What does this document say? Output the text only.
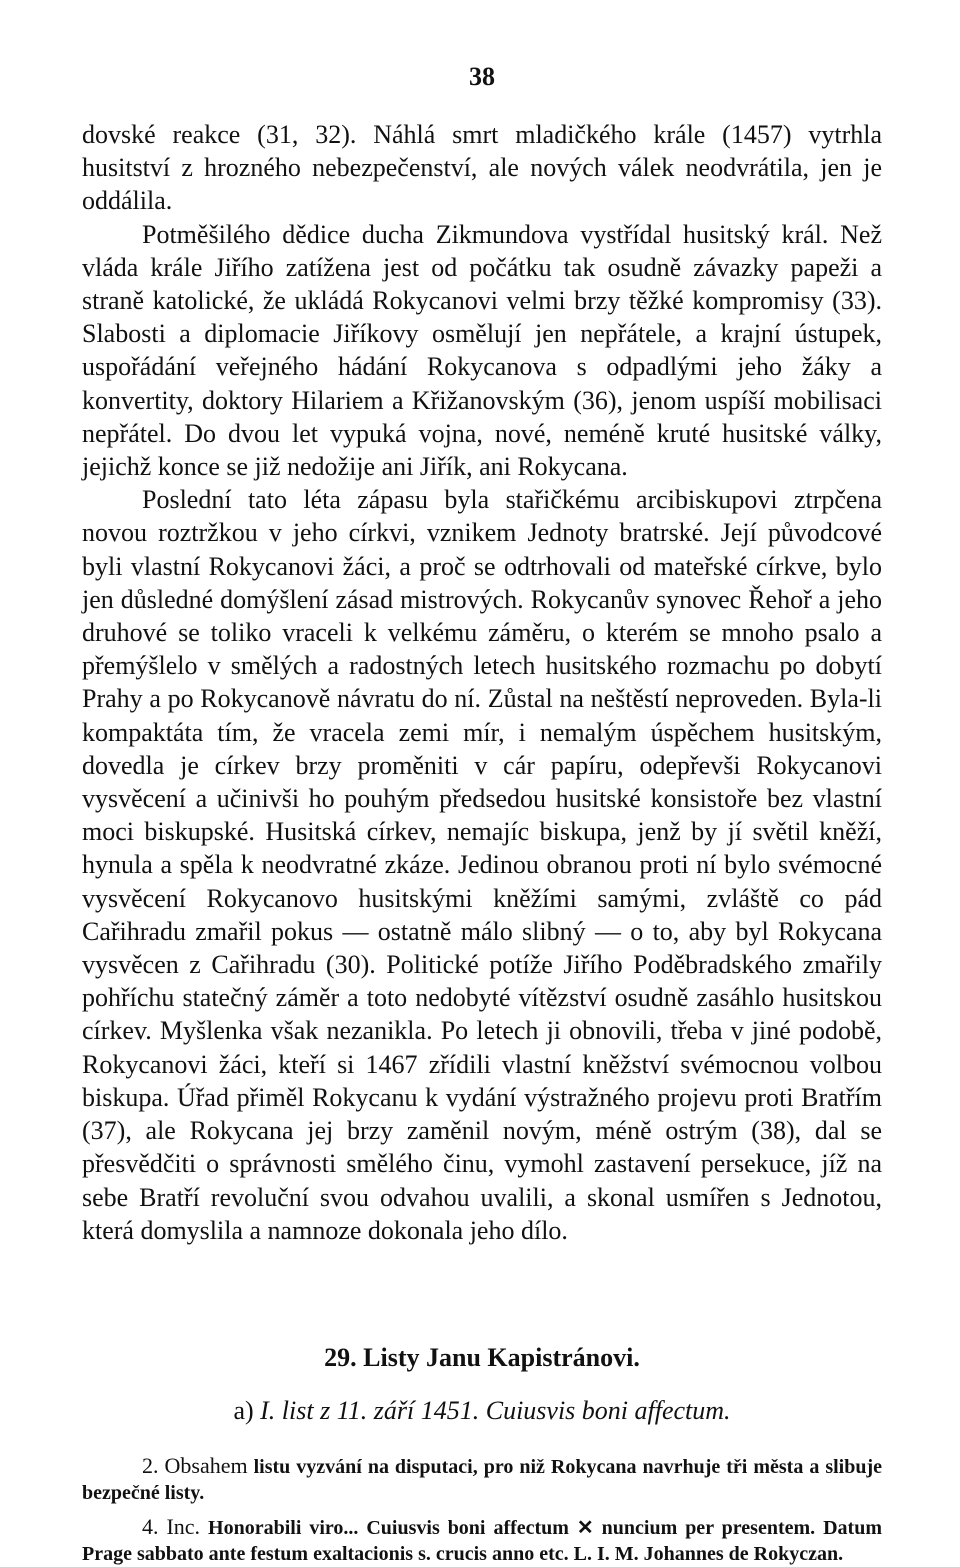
38

dovské reakce (31, 32). Náhlá smrt mladičkého krále (1457) vytrhla husitství z hrozného nebezpečenství, ale nových válek neodvrátila, jen je oddálila.

Potměšilého dědice ducha Zikmundova vystřídal husitský král. Než vláda krále Jiřího zatížena jest od počátku tak osudně závazky papeži a straně katolické, že ukládá Rokycanovi velmi brzy těžké kompromisy (33). Slabosti a diplomacie Jiříkovy osmělují jen nepřátele, a krajní ústupek, uspořádání veřejného hádání Rokycanova s odpadlými jeho žáky a konvertity, doktory Hilariem a Křižanovským (36), jenom uspíší mobilisaci nepřátel. Do dvou let vypuká vojna, nové, neméně kruté husitské války, jejichž konce se již nedožije ani Jiřík, ani Rokycana.

Poslední tato léta zápasu byla stařičkému arcibiskupovi ztrpčena novou roztržkou v jeho církvi, vznikem Jednoty bratrské. Její původcové byli vlastní Rokycanovi žáci, a proč se odtrhovali od mateřské církve, bylo jen důsledné domýšlení zásad mistrových. Rokycanův synovec Řehoř a jeho druhové se toliko vraceli k velkému záměru, o kterém se mnoho psalo a přemýšlelo v smělých a radostných letech husitského rozmachu po dobytí Prahy a po Rokycanově návratu do ní. Zůstal na neštěstí neproveden. Byla-li kompaktáta tím, že vracela zemi mír, i nemalým úspěchem husitským, dovedla je církev brzy proměniti v cár papíru, odepřevši Rokycanovi vysvěcení a učinivši ho pouhým předsedou husitské konsistoře bez vlastní moci biskupské. Husitská církev, nemajíc biskupa, jenž by jí světil kněží, hynula a spěla k neodvratné zkáze. Jedinou obranou proti ní bylo svémocné vysvěcení Rokycanovo husitskými kněžími samými, zvláště co pád Cařihradu zmařil pokus — ostatně málo slibný — o to, aby byl Rokycana vysvěcen z Cařihradu (30). Politické potíže Jiřího Poděbradského zmařily pohříchu statečný záměr a toto nedobyté vítězství osudně zasáhlo husitskou církev. Myšlenka však nezanikla. Po letech ji obnovili, třeba v jiné podobě, Rokycanovi žáci, kteří si 1467 zřídili vlastní kněžství svémocnou volbou biskupa. Úřad přiměl Rokycanu k vydání výstražného projevu proti Bratřím (37), ale Rokycana jej brzy zaměnil novým, méně ostrým (38), dal se přesvědčiti o správnosti smělého činu, vymohl zastavení persekuce, jíž na sebe Bratří revoluční svou odvahou uvalili, a skonal usmířen s Jednotou, která domyslila a namnoze dokonala jeho dílo.

29. Listy Janu Kapistránovi.
a) I. list z 11. září 1451. Cuiusvis boni affectum.

2. Obsahem listu vyzvání na disputaci, pro niž Rokycana navrhuje tři města a slibuje bezpečné listy.

4. Inc. Honorabili viro... Cuiusvis boni affectum ✕ nuncium per presentem. Datum Prage sabbato ante festum exaltacionis s. crucis anno etc. L. I. M. Johannes de Rokyczan.
